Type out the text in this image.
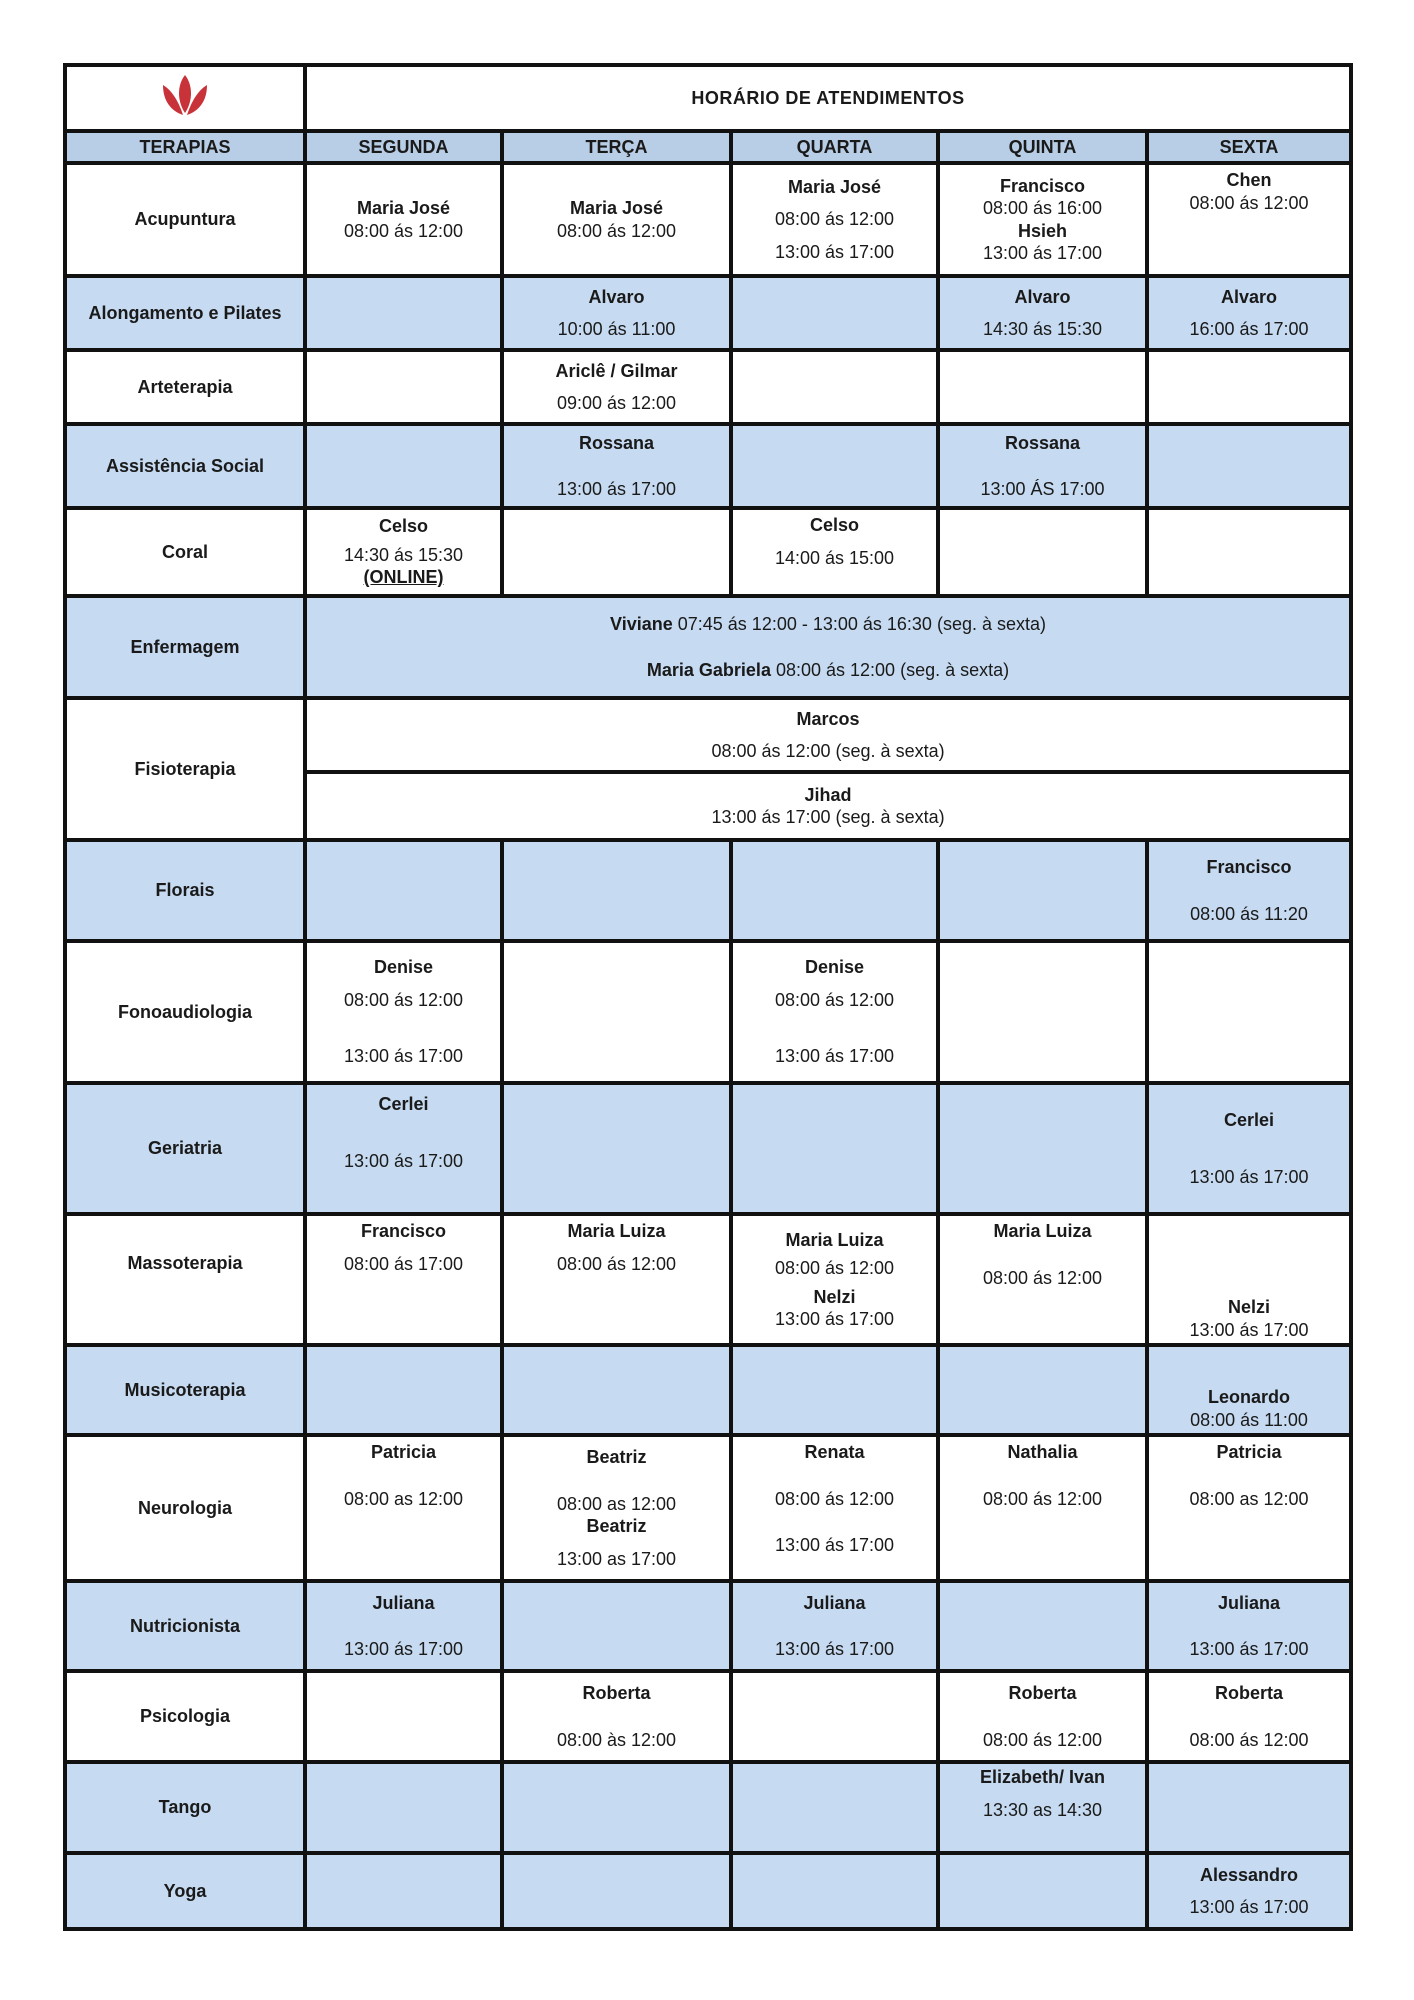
	HORÁRIO DE ATENDIMENTOS				
TERAPIAS	SEGUNDA	TERÇA	QUARTA	QUINTA	SEXTA
Acupuntura	Maria José
08:00 ás 12:00	Maria José
08:00 ás 12:00	Maria José
08:00 ás 12:00
13:00 ás 17:00	Francisco
08:00 ás 16:00
Hsieh
13:00 ás 17:00	Chen
08:00 ás 12:00

Alongamento e Pilates		Alvaro
10:00 ás 11:00		Alvaro
14:30 ás 15:30	Alvaro
16:00 ás 17:00

Arteterapia		Ariclê / Gilmar
09:00 ás 12:00			

Assistência Social		Rossana
13:00 ás 17:00		Rossana
13:00 ÁS 17:00	

Coral	Celso
14:30 ás 15:30
(ONLINE)		Celso
14:00 ás 15:00		

Enfermagem	Viviane 07:45 ás 12:00 - 13:00 ás 16:30 (seg. à sexta)
Maria Gabriela 08:00 ás 12:00 (seg. à sexta)				

Fisioterapia	Marcos
08:00 ás 12:00 (seg. à sexta)				

	Jihad
13:00 ás 17:00 (seg. à sexta)				

Florais					Francisco
08:00 ás 11:20

Fonoaudiologia	Denise
08:00 ás 12:00
13:00 ás 17:00		Denise
08:00 ás 12:00
13:00 ás 17:00		

Geriatria	Cerlei
13:00 ás 17:00				Cerlei
13:00 ás 17:00

Massoterapia	Francisco
08:00 ás 17:00	Maria Luiza
08:00 ás 12:00	Maria Luiza
08:00 ás 12:00
Nelzi
13:00 ás 17:00	Maria Luiza
08:00 ás 12:00	Nelzi
13:00 ás 17:00

Musicoterapia					Leonardo
08:00 ás 11:00

Neurologia	Patricia
08:00 as 12:00	Beatriz
08:00 as 12:00
Beatriz
13:00 as 17:00	Renata
08:00 ás 12:00
13:00 ás 17:00	Nathalia
08:00 ás 12:00	Patricia
08:00 as 12:00

Nutricionista	Juliana
13:00 ás 17:00		Juliana
13:00 ás 17:00		Juliana
13:00 ás 17:00

Psicologia		Roberta
08:00 às 12:00		Roberta
08:00 ás 12:00	Roberta
08:00 ás 12:00

Tango				Elizabeth/ Ivan
13:30 as 14:30	

Yoga					Alessandro
13:00 ás 17:00
